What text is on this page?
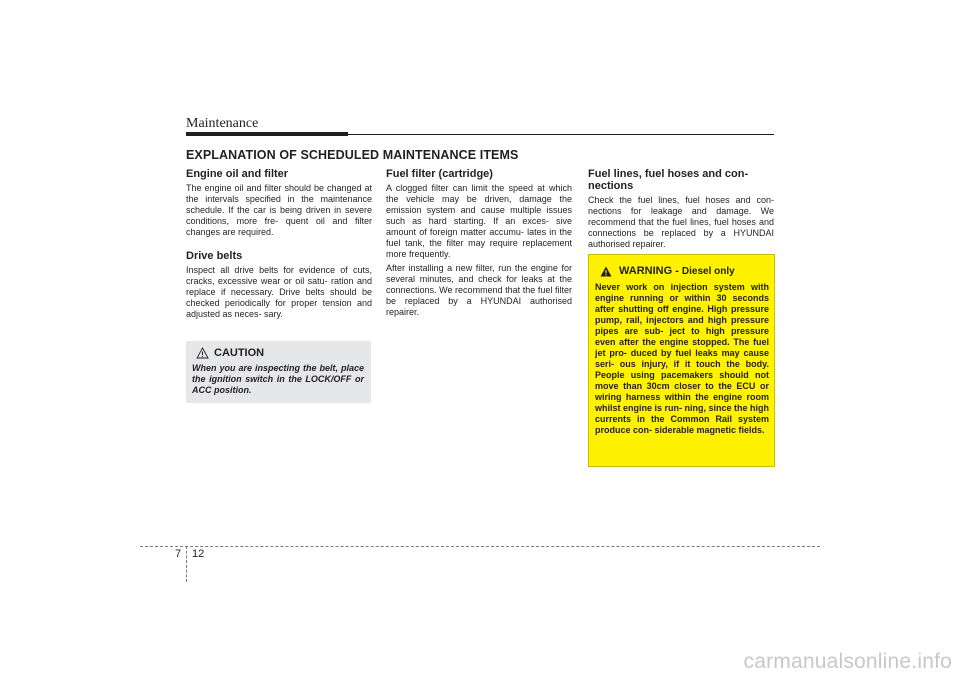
Maintenance
EXPLANATION OF SCHEDULED MAINTENANCE ITEMS
Engine oil and filter

The engine oil and filter should be changed at the intervals specified in the maintenance schedule. If the car is being driven in severe conditions, more fre- quent oil and filter changes are required.

Drive belts

Inspect all drive belts for evidence of cuts, cracks, excessive wear or oil satu- ration and replace if necessary. Drive belts should be checked periodically for proper tension and adjusted as neces- sary.

Fuel filter (cartridge)

A clogged filter can limit the speed at which the vehicle may be driven, damage the emission system and cause multiple issues such as hard starting. If an exces- sive amount of foreign matter accumu- lates in the fuel tank, the filter may require replacement more frequently.

After installing a new filter, run the engine for several minutes, and check for leaks at the connections. We recommend that the fuel filter be replaced by a HYUNDAI authorised repairer.

Fuel lines, fuel hoses and con- nections

Check the fuel lines, fuel hoses and con- nections for leakage and damage. We recommend that the fuel lines, fuel hoses and connections be replaced by a HYUNDAI authorised repairer.

CAUTION
When you are inspecting the belt, place the ignition switch in the LOCK/OFF or ACC position.
WARNING - Diesel only
Never work on injection system with engine running or within 30 seconds after shutting off engine. High pressure pump, rail, injectors and high pressure pipes are sub- ject to high pressure even after the engine stopped. The fuel jet pro- duced by fuel leaks may cause seri- ous injury, if it touch the body. People using pacemakers should not move than 30cm closer to the ECU or wiring harness within the engine room whilst engine is run- ning, since the high currents in the Common Rail system produce con- siderable magnetic fields.
7 12
carmanualsonline.info
